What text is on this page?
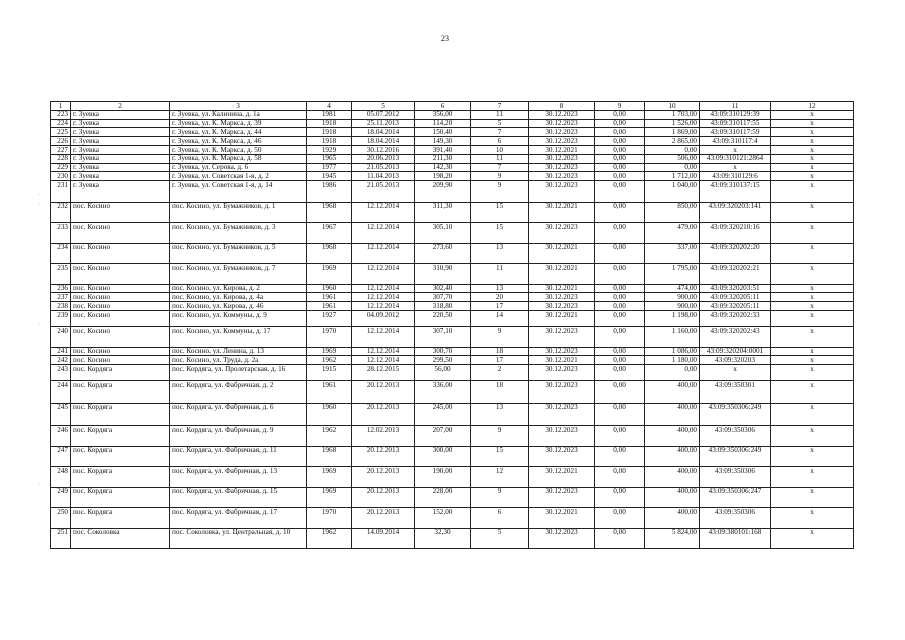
23
˙
˙
˙
˙
1	2	3	4	5	6	7	8	9	10	11	12
223	г. Зуевка	г. Зуевка, ул. Калинина, д. 1а	1981	05.07.2012	356,00	11	30.12.2023	0,00	1 703,00	43:09:310129:39	x
224	г. Зуевка	г. Зуевка, ул. К. Маркса, д. 39	1918	25.11.2013	114,20	5	30.12.2023	0,00	1 526,00	43:09:310117:55	x
225	г. Зуевка	г. Зуевка, ул. К. Маркса, д. 44	1918	18.04.2014	150,40	7	30.12.2023	0,00	1 869,00	43:09:310117:59	x
226	г. Зуевка	г. Зуевка, ул. К. Маркса, д. 46	1918	18.04.2014	149,30	6	30.12.2023	0,00	2 865,00	43:09:310117:4	x
227	г. Зуевка	г. Зуевка, ул. К. Маркса, д. 50	1929	30.12.2016	391,40	10	30.12.2021	0,00	0,00	x	x
228	г. Зуевка	г. Зуевка, ул. К. Маркса, д. 58	1965	20.06.2013	211,30	11	30.12.2023	0,00	506,00	43:09:310121:2864	x
229	г. Зуевка	г. Зуевка, ул. Серова, д. 6	1977	21.05.2013	142,30	7	30.12.2023	0,00	0,00	x	x
230	г. Зуевка	г. Зуевка, ул. Советская 1-я, д. 2	1945	11.04.2013	198,20	9	30.12.2023	0,00	1 712,00	43:09:310129:6	x
231	г. Зуевка	г. Зуевка, ул. Советская 1-я, д. 14	1986	21.05.2013	209,90	9	30.12.2023	0,00	1 040,00	43:09:310137:15	x
232	пос. Косино	пос. Косино, ул. Бумажников, д. 1	1968	12.12.2014	311,30	15	30.12.2021	0,00	850,00	43:09:320203:141	x
233	пос. Косино	пос. Косино, ул. Бумажников, д. 3	1967	12.12.2014	305,10	15	30.12.2023	0,00	479,00	43:09:320210:16	x
234	пос. Косино	пос. Косино, ул. Бумажников, д. 5	1968	12.12.2014	273,60	13	30.12.2021	0,00	337,00	43:09:320202:20	x
235	пос. Косино	пос. Косино, ул. Бумажников, д. 7	1969	12.12.2014	310,90	11	30.12.2021	0,00	1 795,00	43:09:320202:21	x
236	пос. Косино	пос. Косино, ул. Кирова, д. 2	1960	12.12.2014	302,40	13	30.12.2021	0,00	474,00	43:09:320203:51	x
237	пос. Косино	пос. Косино, ул. Кирова, д. 4а	1961	12.12.2014	307,70	20	30.12.2023	0,00	900,00	43:09:320205:11	x
238	пос. Косино	пос. Косино, ул. Кирова, д. 46	1961	12.12.2014	318,80	17	30.12.2023	0,00	900,00	43:09:320205:11	x
239	пос. Косино	пос. Косино, ул. Коммуны, д. 9	1927	04.09.2012	220,50	14	30.12.2021	0,00	1 198,00	43:09:320202:33	x
240	пос. Косино	пос. Косино, ул. Коммуны, д. 17	1970	12.12.2014	307,10	9	30.12.2023	0,00	1 160,00	43:09:320202:43	x
241	пос. Косино	пос. Косино, ул. Ленина, д. 13	1969	12.12.2014	300,70	18	30.12.2023	0,00	1 086,00	43:09:320204:0001	x
242	пос. Косино	пос. Косино, ул. Труда, д. 2а	1962	12.12.2014	299,50	17	30.12.2021	0,00	1 180,00	43:09:320203	x
243	пос. Кордяга	пос. Кордяга, ул. Пролетарская, д. 16	1915	28.12.2015	56,00	2	30.12.2023	0,00	0,00	x	x
244	пос. Кордяга	пос. Кордяга, ул. Фабричная, д. 2	1961	20.12.2013	336,00	18	30.12.2023	0,00	400,00	43:09:350301	x
245	пос. Кордяга	пос. Кордяга, ул. Фабричная, д. 6	1960	20.12.2013	245,00	13	30.12.2023	0,00	400,00	43:09:350306:249	x
246	пос. Кордяга	пос. Кордяга, ул. Фабричная, д. 9	1962	12.02.2013	207,00	9	30.12.2023	0,00	400,00	43:09:350306	x
247	пос. Кордяга	пос. Кордяга, ул. Фабричная, д. 11	1968	20.12.2013	300,00	15	30.12.2023	0,00	400,00	43:09:350306:249	x
248	пос. Кордяга	пос. Кордяга, ул. Фабричная, д. 13	1969	20.12.2013	190,00	12	30.12.2021	0,00	400,00	43:09:350306	x
249	пос. Кордяга	пос. Кордяга, ул. Фабричная, д. 15	1969	20.12.2013	228,00	9	30.12.2023	0,00	400,00	43:09:350306:247	x
250	пос. Кордяга	пос. Кордяга, ул. Фабричная, д. 17	1970	20.12.2013	152,00	6	30.12.2021	0,00	400,00	43:09:350306	x
251	пос. Соколовка	пос. Соколовка, ул. Центральная, д. 10	1962	14.09.2014	32,30	5	30.12.2023	0,00	5 824,00	43:09:380101:168	x
